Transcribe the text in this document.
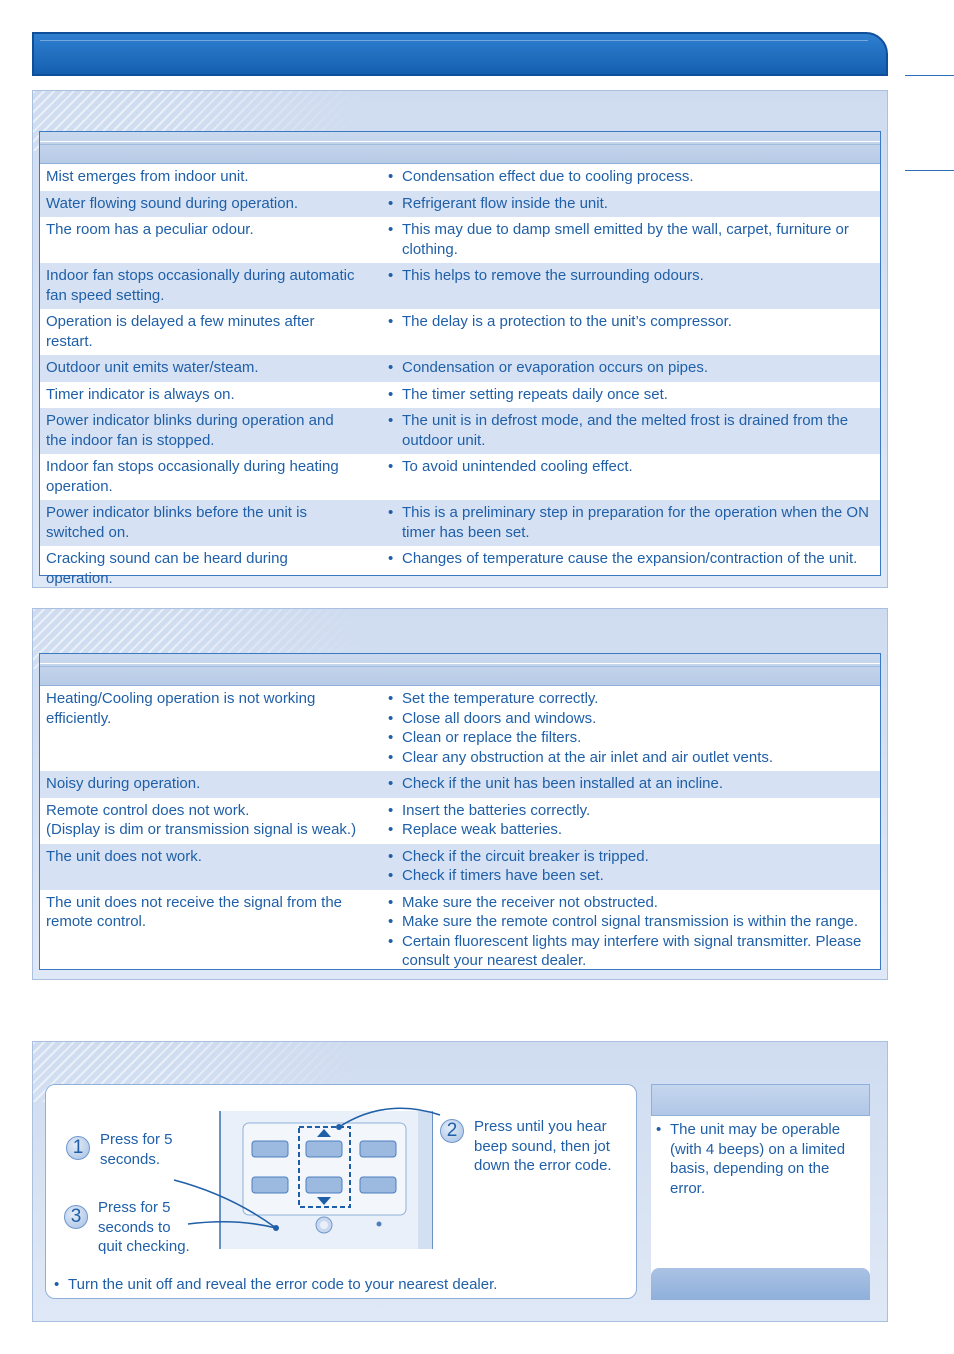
Mist emerges from indoor unit.	• Condensation effect due to cooling process.
Water flowing sound during operation.	• Refrigerant flow inside the unit.
The room has a peculiar odour.	• This may due to damp smell emitted by the wall, carpet, furniture or
clothing.
Indoor fan stops occasionally during automatic
fan speed setting.
• This helps to remove the surrounding odours.
Operation is delayed a few minutes after
restart.
• The delay is a protection to the unit’s compressor.
Outdoor unit emits water/steam.	• Condensation or evaporation occurs on pipes.
Timer indicator is always on.	• The timer setting repeats daily once set.
Power indicator blinks during operation and
the indoor fan is stopped.
• The unit is in defrost mode, and the melted frost is drained from the
outdoor unit.
Indoor fan stops occasionally during heating
operation.
• To avoid unintended cooling effect.
Power indicator blinks before the unit is
switched on.
• This is a preliminary step in preparation for the operation when the ON
timer has been set.
Cracking sound can be heard during
operation.
• Changes of temperature cause the expansion/contraction of the unit.
Heating/Cooling operation is not working
efficiently.
• Set the temperature correctly.
• Close all doors and windows.
• Clean or replace the filters.
• Clear any obstruction at the air inlet and air outlet vents.
Noisy during operation.	• Check if the unit has been installed at an incline.
Remote control does not work.
(Display is dim or transmission signal is weak.)
• Insert the batteries correctly.
• Replace weak batteries.
The unit does not work.	• Check if the circuit breaker is tripped.
• Check if timers have been set.
The unit does not receive the signal from the
remote control.
• Make sure the receiver not obstructed.
• Make sure the remote control signal transmission is within the range.
• Certain fluorescent lights may interfere with signal transmitter. Please
consult your nearest dealer.
1	Press for 5
seconds.
2	Press until you hear
beep sound, then jot
down the error code.
3	Press for 5
seconds to
quit checking.
• Turn the unit off and reveal the error code to your nearest dealer.
• The unit may be operable
(with 4 beeps) on a limited
basis, depending on the
error.
